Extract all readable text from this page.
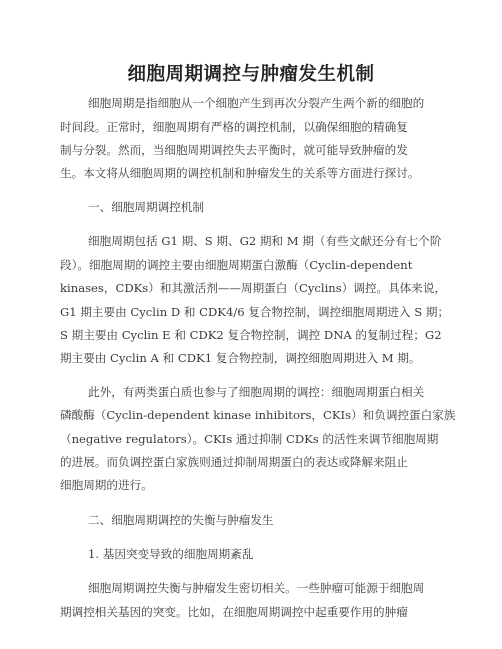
细胞周期调控与肿瘤发生机制
细胞周期是指细胞从一个细胞产生到再次分裂产生两个新的细胞的
时间段。正常时，细胞周期有严格的调控机制，以确保细胞的精确复
制与分裂。然而，当细胞周期调控失去平衡时，就可能导致肿瘤的发
生。本文将从细胞周期的调控机制和肿瘤发生的关系等方面进行探讨。
一、细胞周期调控机制
细胞周期包括 G1 期、S 期、G2 期和 M 期（有些文献还分有七个阶
段）。细胞周期的调控主要由细胞周期蛋白激酶（Cyclin-dependent
kinases，CDKs）和其激活剂——周期蛋白（Cyclins）调控。具体来说，
G1 期主要由 Cyclin D 和 CDK4/6 复合物控制，调控细胞周期进入 S 期；
S 期主要由 Cyclin E 和 CDK2 复合物控制，调控 DNA 的复制过程；G2
期主要由 Cyclin A 和 CDK1 复合物控制，调控细胞周期进入 M 期。
此外，有两类蛋白质也参与了细胞周期的调控：细胞周期蛋白相关
磷酸酶（Cyclin-dependent kinase inhibitors，CKIs）和负调控蛋白家族
（negative regulators）。CKIs 通过抑制 CDKs 的活性来调节细胞周期
的进展。而负调控蛋白家族则通过抑制周期蛋白的表达或降解来阻止
细胞周期的进行。
二、细胞周期调控的失衡与肿瘤发生
1. 基因突变导致的细胞周期紊乱
细胞周期调控失衡与肿瘤发生密切相关。一些肿瘤可能源于细胞周
期调控相关基因的突变。比如，在细胞周期调控中起重要作用的肿瘤
